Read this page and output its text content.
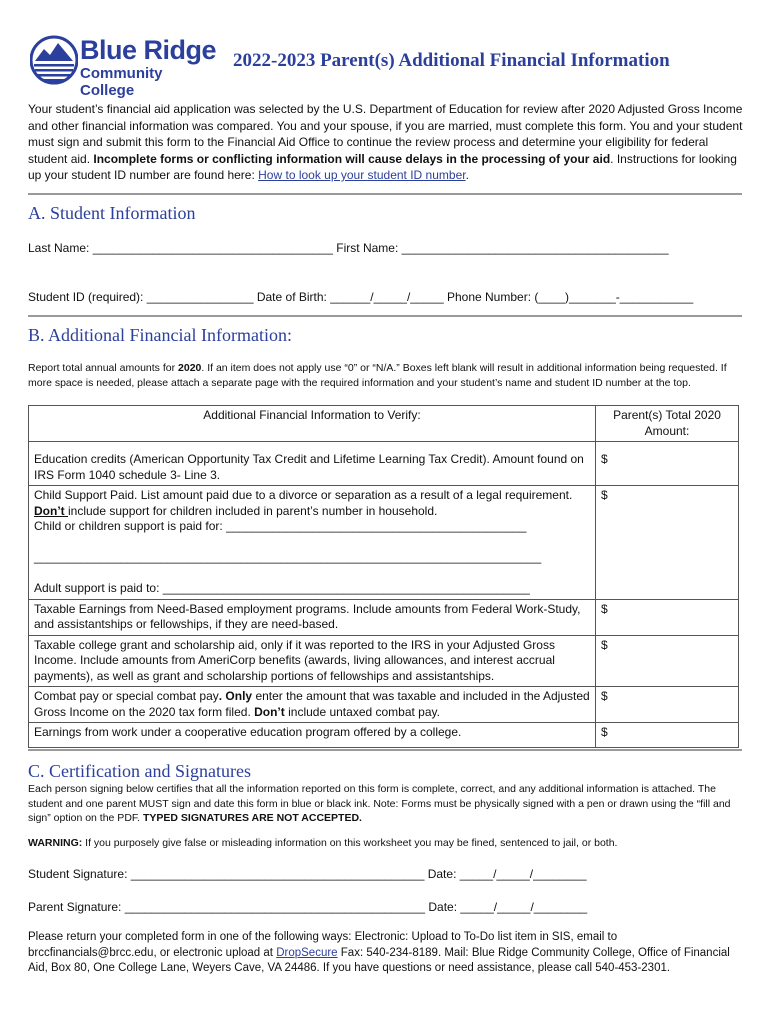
Blue Ridge
Community College
2022-2023 Parent(s) Additional Financial Information
Your student’s financial aid application was selected by the U.S. Department of Education for review after 2020 Adjusted Gross Income and other financial information was compared. You and your spouse, if you are married, must complete this form. You and your student must sign and submit this form to the Financial Aid Office to continue the review process and determine your eligibility for federal student aid. Incomplete forms or conflicting information will cause delays in the processing of your aid. Instructions for looking up your student ID number are found here: How to look up your student ID number.
A. Student Information
Last Name: ____________________________________ First Name: ________________________________________
Student ID (required): ________________ Date of Birth: ______/_____/_____ Phone Number: (____)_______-___________
B. Additional Financial Information:
Report total annual amounts for 2020. If an item does not apply use “0” or “N/A.” Boxes left blank will result in additional information being requested. If more space is needed, please attach a separate page with the required information and your student’s name and student ID number at the top.
Additional Financial Information to Verify:	Parent(s) Total 2020 Amount:
Education credits (American Opportunity Tax Credit and Lifetime Learning Tax Credit). Amount found on IRS Form 1040 schedule 3- Line 3.	$
Child Support Paid. List amount paid due to a divorce or separation as a result of a legal requirement. Don’t include support for children included in parent’s number in household.
Child or children support is paid for: _____________________________________________

____________________________________________________________________________

Adult support is paid to: _______________________________________________________	$
Taxable Earnings from Need-Based employment programs. Include amounts from Federal Work-Study, and assistantships or fellowships, if they are need-based.	$
Taxable college grant and scholarship aid, only if it was reported to the IRS in your Adjusted Gross Income. Include amounts from AmeriCorp benefits (awards, living allowances, and interest accrual payments), as well as grant and scholarship portions of fellowships and assistantships.	$
Combat pay or special combat pay. Only enter the amount that was taxable and included in the Adjusted Gross Income on the 2020 tax form filed. Don’t include untaxed combat pay.	$
Earnings from work under a cooperative education program offered by a college.	$
C. Certification and Signatures
Each person signing below certifies that all the information reported on this form is complete, correct, and any additional information is attached. The student and one parent MUST sign and date this form in blue or black ink. Note: Forms must be physically signed with a pen or drawn using the “fill and sign” option on the PDF. TYPED SIGNATURES ARE NOT ACCEPTED.
WARNING: If you purposely give false or misleading information on this worksheet you may be fined, sentenced to jail, or both.
Student Signature: ____________________________________________ Date: _____/_____/________
Parent Signature: _____________________________________________ Date: _____/_____/________
Please return your completed form in one of the following ways: Electronic: Upload to To-Do list item in SIS, email to brccfinancials@brcc.edu, or electronic upload at DropSecure Fax: 540-234-8189. Mail: Blue Ridge Community College, Office of Financial Aid, Box 80, One College Lane, Weyers Cave, VA 24486. If you have questions or need assistance, please call 540-453-2301.
